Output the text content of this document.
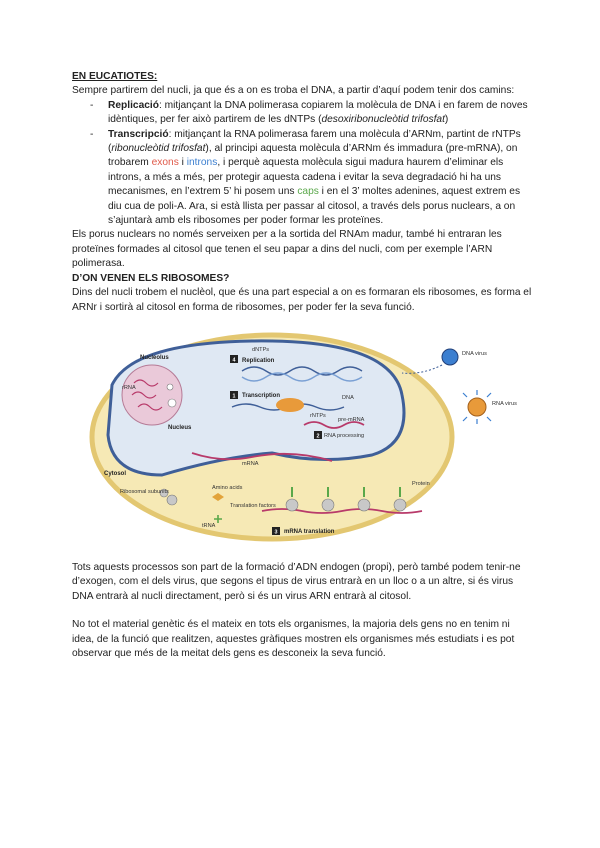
EN EUCATIOTES:

Sempre partirem del nucli, ja que és a on es troba el DNA, a partir d’aquí podem tenir dos camins:

- Replicació: mitjançant la DNA polimerasa copiarem la molècula de DNA i en farem de noves idèntiques, per fer això partirem de les dNTPs (desoxiribonucleòtid trifosfat)
- Transcripció: mitjançant la RNA polimerasa farem una molècula d’ARNm, partint de rNTPs (ribonucleòtid trifosfat), al principi aquesta molècula d’ARNm és immadura (pre-mRNA), on trobarem exons i introns, i perquè aquesta molècula sigui madura haurem d’eliminar els introns, a més a més, per protegir aquesta cadena i evitar la seva degradació hi ha uns mecanismes, en l’extrem 5’ hi posem uns caps i en el 3’ moltes adenines, aquest extrem es diu cua de poli-A. Ara, si està llista per passar al citosol, a través dels porus nuclears, a on s’ajuntarà amb els ribosomes per poder formar les proteïnes.

Els porus nuclears no només serveixen per a la sortida del RNAm madur, també hi entraran les proteïnes formades al citosol que tenen el seu papar a dins del nucli, com per exemple l’ARN polimerasa.

D’ON VENEN ELS RIBOSOMES?

Dins del nucli trobem el nuclèol, que és una part especial a on es formaran els ribosomes, es forma el ARNr i sortirà al citosol en forma de ribosomes, per poder fer la seva funció.

4
1
2
3
Nucleolus
rRNA
Nucleus
dNTPs
Replication
Transcription	DNA
rNTPs
pre-mRNA
RNA processing
mRNA
Cytosol
Ribosomal subunits
Amino acids
Translation factors
tRNA
Protein
mRNA translation
DNA virus
RNA virus

Tots aquests processos son part de la formació d’ADN endogen (propi), però també podem tenir-ne d’exogen, com el dels virus, que segons el tipus de virus entrarà en un lloc o a un altre, si és virus DNA entrarà al nucli directament, però si és un virus ARN entrarà al citosol.

No tot el material genètic és el mateix en tots els organismes, la majoria dels gens no en tenim ni idea, de la funció que realitzen, aquestes gràfiques mostren els organismes més estudiats i es pot observar que més de la meitat dels gens es desconeix la seva funció.
